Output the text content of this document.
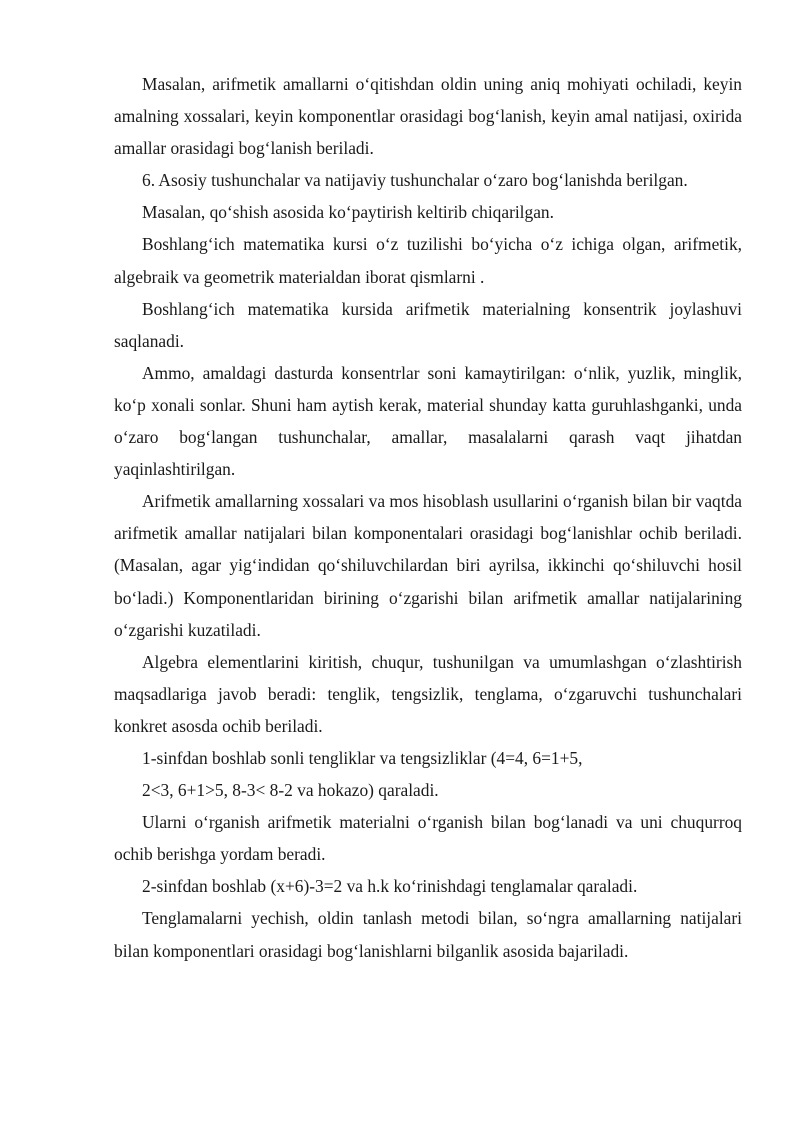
Masalan, arifmetik amallarni o‘qitishdan oldin uning aniq mohiyati ochiladi, keyin amalning xossalari, keyin komponentlar orasidagi bog‘lanish, keyin amal natijasi, oxirida amallar orasidagi bog‘lanish beriladi.

6. Asosiy tushunchalar va natijaviy tushunchalar o‘zaro bog‘lanishda berilgan.

Masalan, qo‘shish asosida ko‘paytirish keltirib chiqarilgan.

Boshlang‘ich matematika kursi o‘z tuzilishi bo‘yicha o‘z ichiga olgan, arifmetik, algebraik va geometrik materialdan iborat qismlarni .

Boshlang‘ich matematika kursida arifmetik materialning konsentrik joylashuvi saqlanadi.

Ammo, amaldagi dasturda konsentrlar soni kamaytirilgan: o‘nlik, yuzlik, minglik, ko‘p xonali sonlar. Shuni ham aytish kerak, material shunday katta guruhlashganki, unda o‘zaro bog‘langan tushunchalar, amallar, masalalarni qarash vaqt jihatdan yaqinlashtirilgan.

Arifmetik amallarning xossalari va mos hisoblash usullarini o‘rganish bilan bir vaqtda arifmetik amallar natijalari bilan komponentalari orasidagi bog‘lanishlar ochib beriladi. (Masalan, agar yig‘indidan qo‘shiluvchilardan biri ayrilsa, ikkinchi qo‘shiluvchi hosil bo‘ladi.) Komponentlaridan birining o‘zgarishi bilan arifmetik amallar natijalarining o‘zgarishi kuzatiladi.

Algebra elementlarini kiritish, chuqur, tushunilgan va umumlashgan o‘zlashtirish maqsadlariga javob beradi: tenglik, tengsizlik, tenglama, o‘zgaruvchi tushunchalari konkret asosda ochib beriladi.

1-sinfdan boshlab sonli tengliklar va tengsizliklar (4=4, 6=1+5,

2<3, 6+1>5, 8-3< 8-2 va hokazo) qaraladi.

Ularni o‘rganish arifmetik materialni o‘rganish bilan bog‘lanadi va uni chuqurroq ochib berishga yordam beradi.

2-sinfdan boshlab (x+6)-3=2 va h.k ko‘rinishdagi tenglamalar qaraladi.

Tenglamalarni yechish, oldin tanlash metodi bilan, so‘ngra amallarning natijalari bilan komponentlari orasidagi bog‘lanishlarni bilganlik asosida bajariladi.
